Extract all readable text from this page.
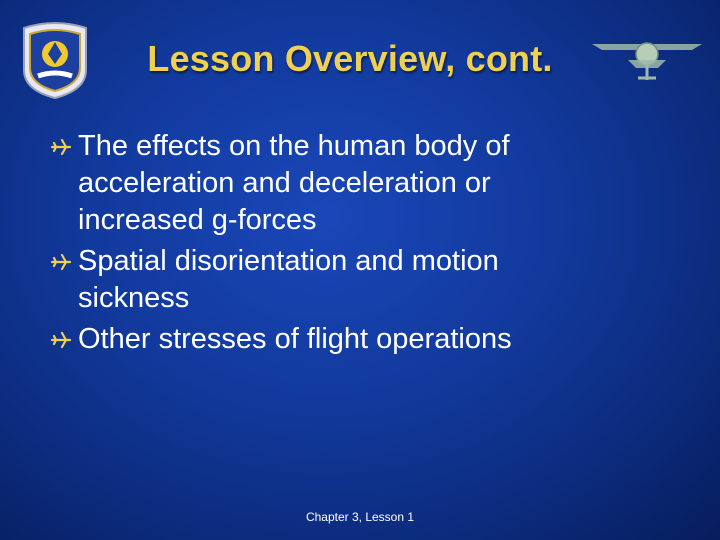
Lesson Overview, cont.
The effects on the human body of acceleration and deceleration or increased g-forces
Spatial disorientation and motion sickness
Other stresses of flight operations
Chapter 3, Lesson 1
